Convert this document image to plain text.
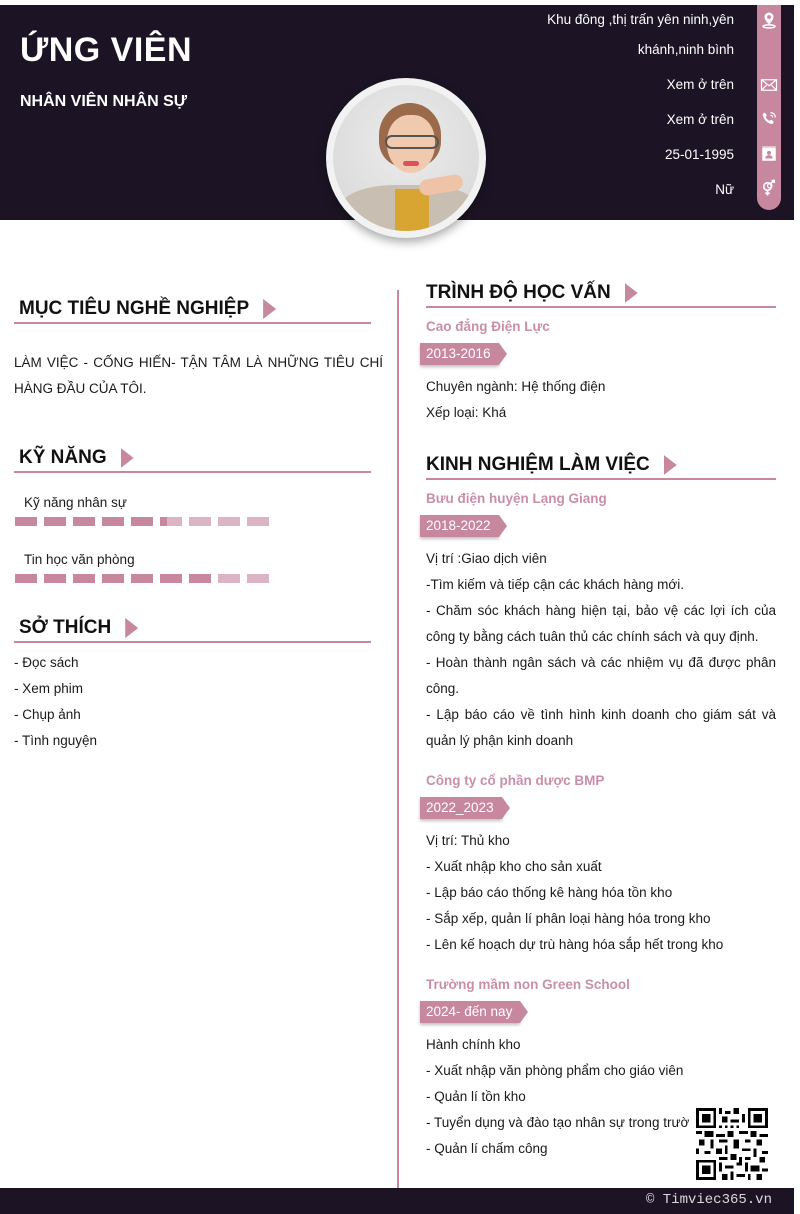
ỨNG VIÊN
NHÂN VIÊN NHÂN SỰ
Khu đông ,thị trấn yên ninh,yên
khánh,ninh bình
Xem ở trên
Xem ở trên
25-01-1995
Nữ
MỤC TIÊU NGHỀ NGHIỆP
LÀM VIỆC - CỐNG HIẾN- TẬN TÂM LÀ NHỮNG TIÊU CHÍ HÀNG ĐẦU CỦA TÔI.
KỸ NĂNG
Kỹ năng nhân sự
Tin học văn phòng
SỞ THÍCH
- Đọc sách
- Xem phim
- Chụp ảnh
- Tình nguyện
TRÌNH ĐỘ HỌC VẤN
Cao đẳng Điện Lực
2013-2016

Chuyên ngành: Hệ thống điện

Xếp loại: Khá

KINH NGHIỆM LÀM VIỆC
Bưu điện huyện Lạng Giang
2018-2022

Vị trí :Giao dịch viên

-Tìm kiếm và tiếp cận các khách hàng mới.

- Chăm sóc khách hàng hiện tại, bảo vệ các lợi ích của công ty bằng cách tuân thủ các chính sách và quy định.

- Hoàn thành ngân sách và các nhiệm vụ đã được phân công.

- Lập báo cáo về tình hình kinh doanh cho giám sát và quản lý phận kinh doanh

Công ty cổ phần dược BMP
2022_2023

Vị trí: Thủ kho

- Xuất nhập kho cho sản xuất

- Lập báo cáo thống kê hàng hóa tồn kho

- Sắp xếp, quản lí phân loại hàng hóa trong kho

- Lên kế hoạch dự trù hàng hóa sắp hết trong kho

Trường mầm non Green School
2024- đến nay

Hành chính kho

- Xuất nhập văn phòng phẩm cho giáo viên

- Quản lí tồn kho

- Tuyển dụng và đào tạo nhân sự trong trườ

- Quản lí chấm công

© Timviec365.vn
